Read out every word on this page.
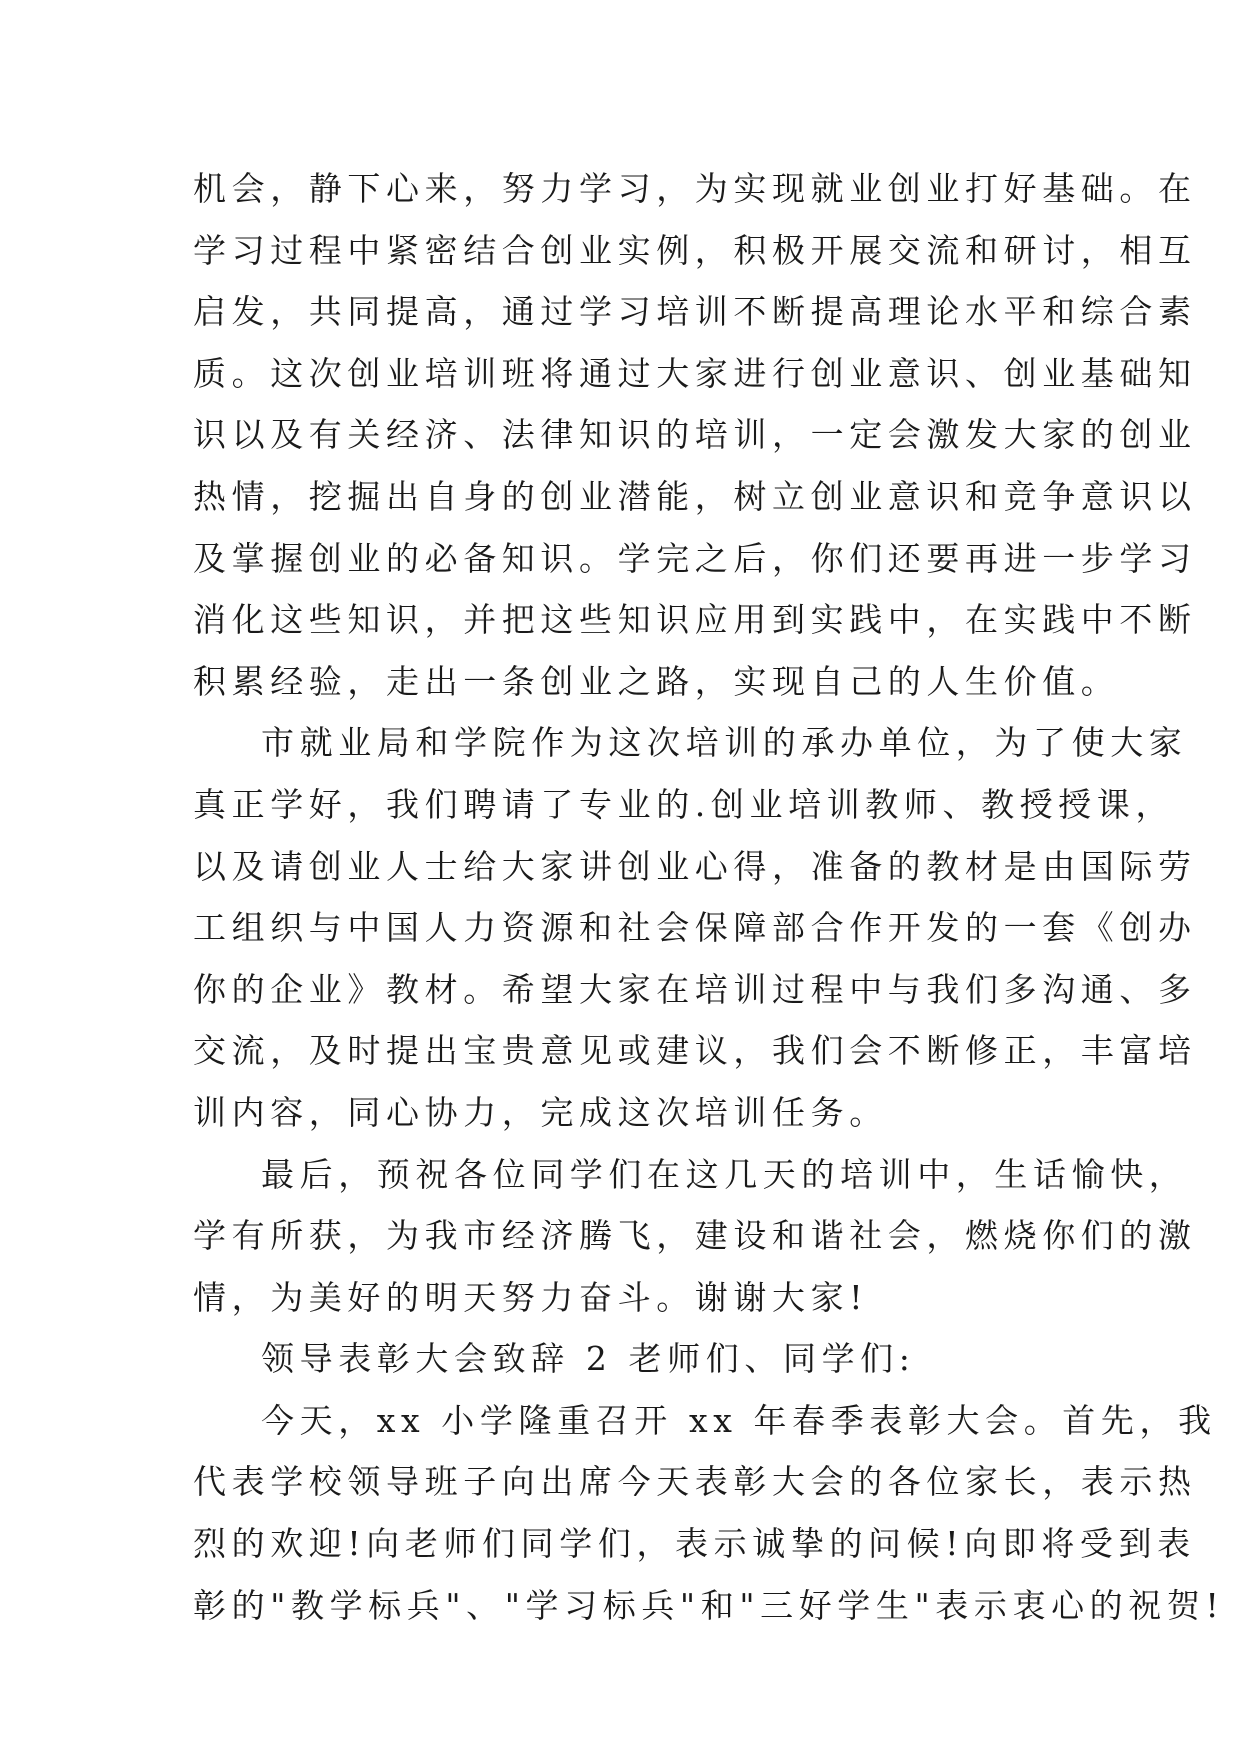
机会，静下心来，努力学习，为实现就业创业打好基础。在
学习过程中紧密结合创业实例，积极开展交流和研讨，相互
启发，共同提高，通过学习培训不断提高理论水平和综合素
质。这次创业培训班将通过大家进行创业意识、创业基础知
识以及有关经济、法律知识的培训，一定会激发大家的创业
热情，挖掘出自身的创业潜能，树立创业意识和竞争意识以
及掌握创业的必备知识。学完之后，你们还要再进一步学习
消化这些知识，并把这些知识应用到实践中，在实践中不断
积累经验，走出一条创业之路，实现自己的人生价值。
市就业局和学院作为这次培训的承办单位，为了使大家
真正学好，我们聘请了专业的.创业培训教师、教授授课，
以及请创业人士给大家讲创业心得，准备的教材是由国际劳
工组织与中国人力资源和社会保障部合作开发的一套《创办
你的企业》教材。希望大家在培训过程中与我们多沟通、多
交流，及时提出宝贵意见或建议，我们会不断修正，丰富培
训内容，同心协力，完成这次培训任务。
最后，预祝各位同学们在这几天的培训中，生话愉快，
学有所获，为我市经济腾飞，建设和谐社会，燃烧你们的激
情，为美好的明天努力奋斗。谢谢大家!
领导表彰大会致辞 2 老师们、同学们:
今天，xx 小学隆重召开 xx 年春季表彰大会。首先，我
代表学校领导班子向出席今天表彰大会的各位家长，表示热
烈的欢迎!向老师们同学们，表示诚挚的问候!向即将受到表
彰的"教学标兵"、"学习标兵"和"三好学生"表示衷心的祝贺!
